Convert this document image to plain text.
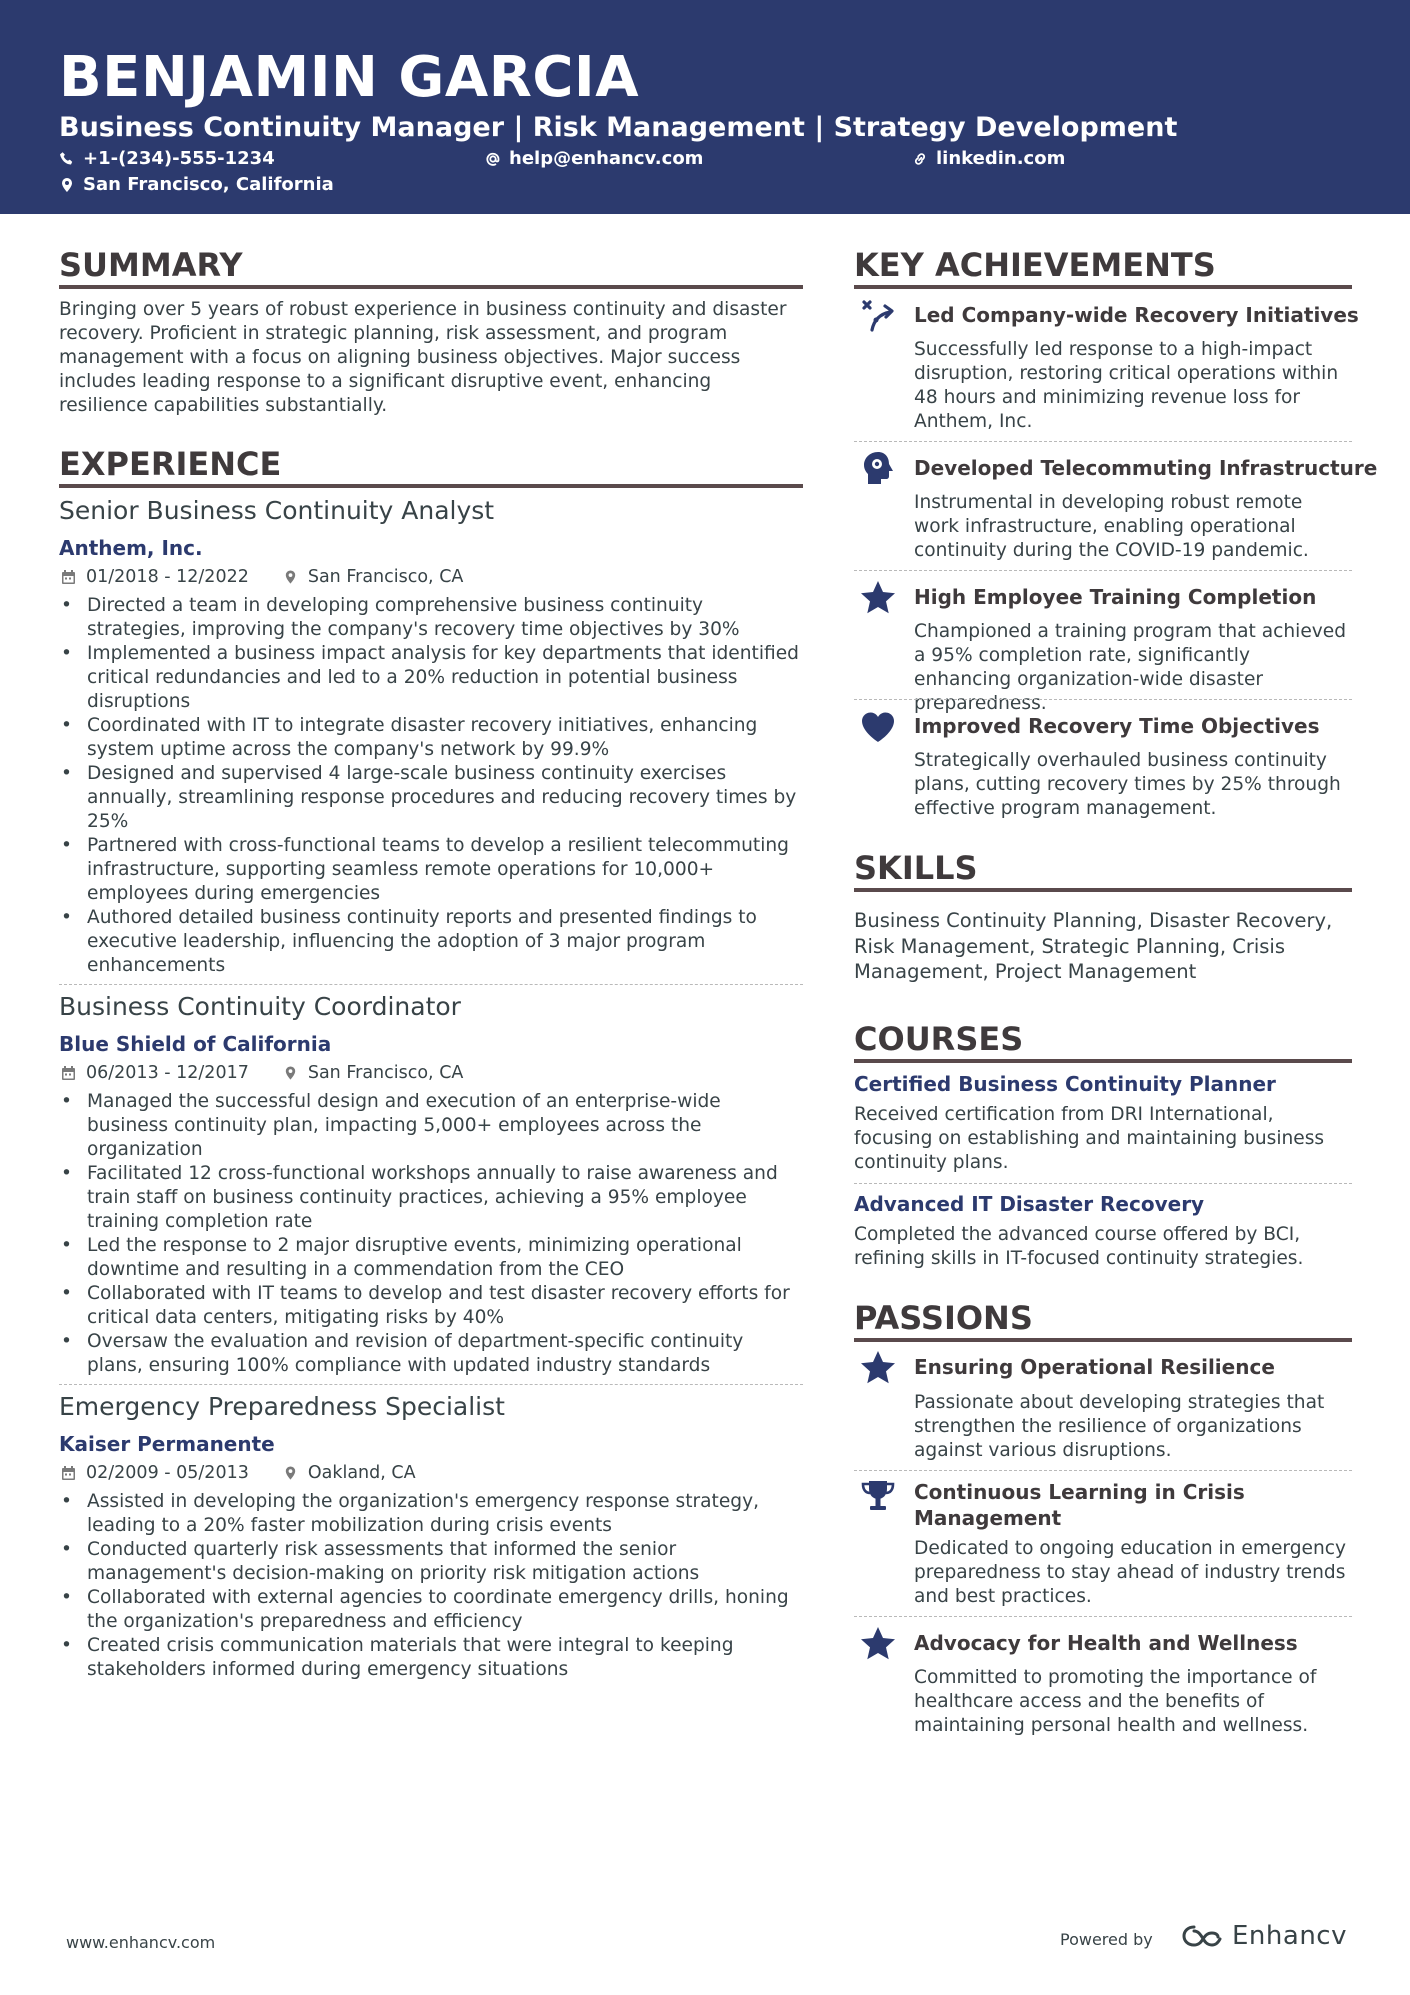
BENJAMIN GARCIA
Business Continuity Manager | Risk Management | Strategy Development
+1-(234)-555-1234	help@enhancv.com	linkedin.com
San Francisco, California
SUMMARY
Bringing over 5 years of robust experience in business continuity and disaster recovery. Proficient in strategic planning, risk assessment, and program management with a focus on aligning business objectives. Major success includes leading response to a significant disruptive event, enhancing resilience capabilities substantially.
EXPERIENCE
Senior Business Continuity Analyst
Anthem, Inc.
01/2018 - 12/2022	San Francisco, CA
• Directed a team in developing comprehensive business continuity strategies, improving the company's recovery time objectives by 30%
• Implemented a business impact analysis for key departments that identified critical redundancies and led to a 20% reduction in potential business disruptions
• Coordinated with IT to integrate disaster recovery initiatives, enhancing system uptime across the company's network by 99.9%
• Designed and supervised 4 large-scale business continuity exercises annually, streamlining response procedures and reducing recovery times by 25%
• Partnered with cross-functional teams to develop a resilient telecommuting infrastructure, supporting seamless remote operations for 10,000+ employees during emergencies
• Authored detailed business continuity reports and presented findings to executive leadership, influencing the adoption of 3 major program enhancements
Business Continuity Coordinator
Blue Shield of California
06/2013 - 12/2017	San Francisco, CA
• Managed the successful design and execution of an enterprise-wide business continuity plan, impacting 5,000+ employees across the organization
• Facilitated 12 cross-functional workshops annually to raise awareness and train staff on business continuity practices, achieving a 95% employee training completion rate
• Led the response to 2 major disruptive events, minimizing operational downtime and resulting in a commendation from the CEO
• Collaborated with IT teams to develop and test disaster recovery efforts for critical data centers, mitigating risks by 40%
• Oversaw the evaluation and revision of department-specific continuity plans, ensuring 100% compliance with updated industry standards
Emergency Preparedness Specialist
Kaiser Permanente
02/2009 - 05/2013	Oakland, CA
• Assisted in developing the organization's emergency response strategy, leading to a 20% faster mobilization during crisis events
• Conducted quarterly risk assessments that informed the senior management's decision-making on priority risk mitigation actions
• Collaborated with external agencies to coordinate emergency drills, honing the organization's preparedness and efficiency
• Created crisis communication materials that were integral to keeping stakeholders informed during emergency situations
KEY ACHIEVEMENTS
Led Company-wide Recovery Initiatives
Successfully led response to a high-impact disruption, restoring critical operations within 48 hours and minimizing revenue loss for Anthem, Inc.
Developed Telecommuting Infrastructure
Instrumental in developing robust remote work infrastructure, enabling operational continuity during the COVID-19 pandemic.
High Employee Training Completion
Championed a training program that achieved a 95% completion rate, significantly enhancing organization-wide disaster preparedness.
Improved Recovery Time Objectives
Strategically overhauled business continuity plans, cutting recovery times by 25% through effective program management.
SKILLS
Business Continuity Planning, Disaster Recovery, Risk Management, Strategic Planning, Crisis Management, Project Management
COURSES
Certified Business Continuity Planner
Received certification from DRI International, focusing on establishing and maintaining business continuity plans.
Advanced IT Disaster Recovery
Completed the advanced course offered by BCI, refining skills in IT-focused continuity strategies.
PASSIONS
Ensuring Operational Resilience
Passionate about developing strategies that strengthen the resilience of organizations against various disruptions.
Continuous Learning in Crisis Management
Dedicated to ongoing education in emergency preparedness to stay ahead of industry trends and best practices.
Advocacy for Health and Wellness
Committed to promoting the importance of healthcare access and the benefits of maintaining personal health and wellness.
www.enhancv.com	Powered by	Enhancv
